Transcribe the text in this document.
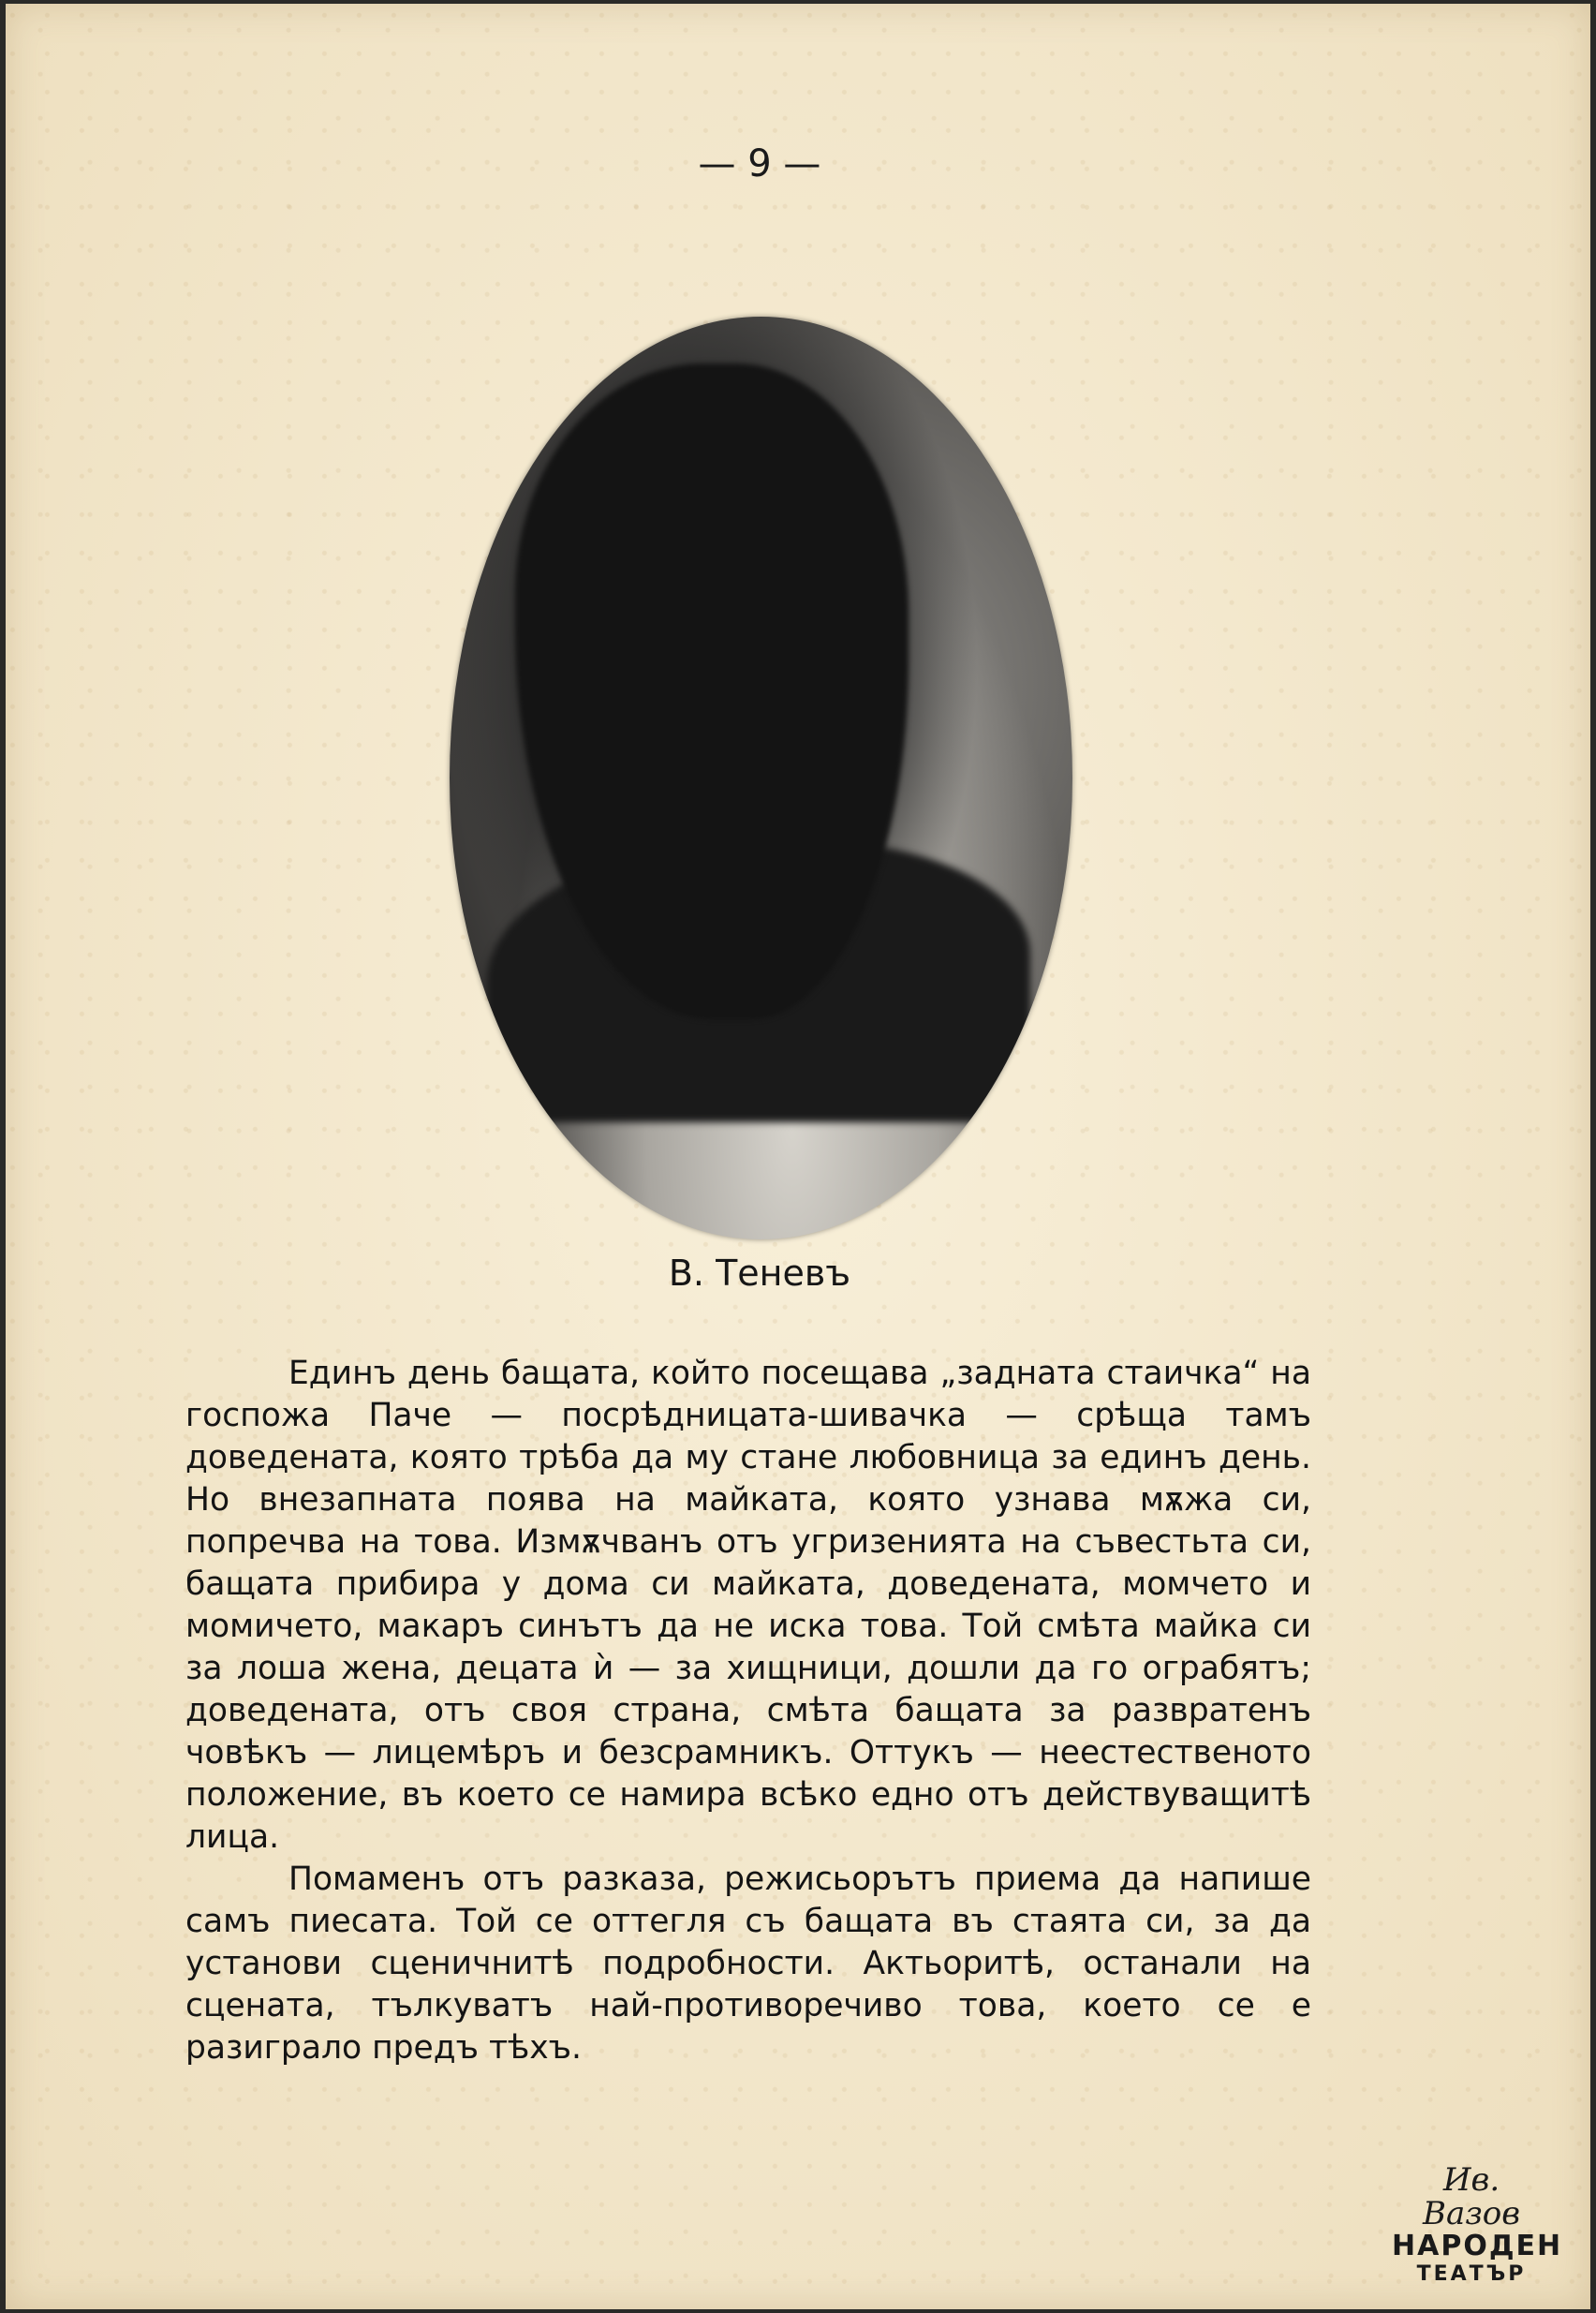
— 9 —
В. Теневъ

Единъ день бащата, който посещава „задната стаичка“ на госпожа Паче — посрѣдницата-шивачка — срѣща тамъ доведената, която трѣба да му стане любовница за единъ день. Но внезапната поява на майката, която узнава мѫжа си, попречва на това. Измѫчванъ отъ угризенията на съвестьта си, бащата прибира у дома си майката, доведената, момчето и момичето, макаръ синътъ да не иска това. Той смѣта майка си за лоша жена, децата ѝ — за хищници, дошли да го ограбятъ; доведената, отъ своя страна, смѣта бащата за развратенъ човѣкъ — лицемѣръ и безсрамникъ. Оттукъ — неестественото положение, въ което се намира всѣко едно отъ действуващитѣ лица.

Помаменъ отъ разказа, режисьорътъ приема да напише самъ пиесата. Той се оттегля съ бащата въ стаята си, за да установи сценичнитѣ подробности. Актьоритѣ, останали на сцената, тълкуватъ най-противоречиво това, което се е разиграло предъ тѣхъ.

Ив. Вазов
НАРОДЕН
ТЕАТЪР
